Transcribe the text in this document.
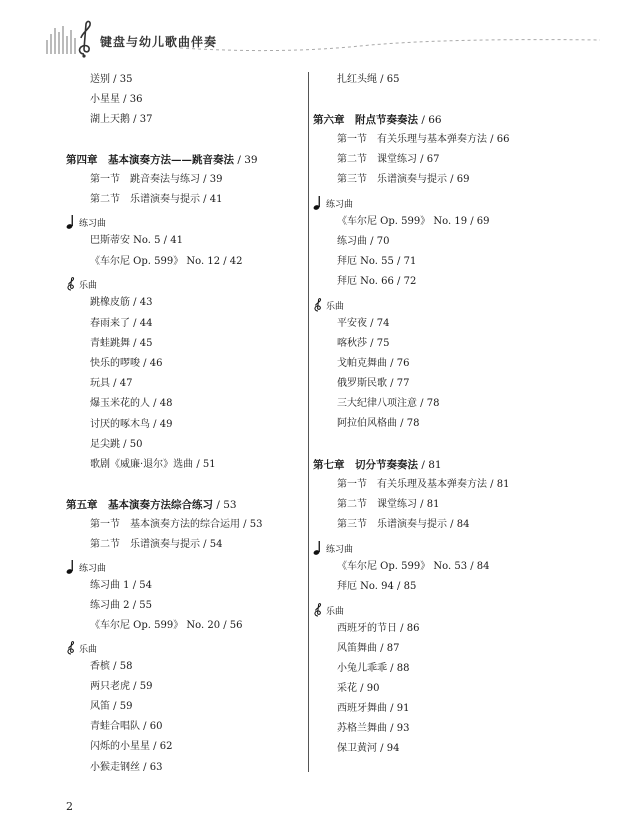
键盘与幼儿歌曲伴奏
送别 / 35
小星星 / 36
湖上天鹅 / 37
第四章　基本演奏方法——跳音奏法 / 39
第一节　跳音奏法与练习 / 39
第二节　乐谱演奏与提示 / 41
练习曲
巴斯蒂安 No. 5 / 41
《车尔尼 Op. 599》 No. 12 / 42
乐曲
跳橡皮筋 / 43
春雨来了 / 44
青蛙跳舞 / 45
快乐的啰唆 / 46
玩具 / 47
爆玉米花的人 / 48
讨厌的啄木鸟 / 49
足尖跳 / 50
歌剧《威廉·退尔》选曲 / 51
第五章　基本演奏方法综合练习 / 53
第一节　基本演奏方法的综合运用 / 53
第二节　乐谱演奏与提示 / 54
练习曲
练习曲 1 / 54
练习曲 2 / 55
《车尔尼 Op. 599》 No. 20 / 56
乐曲
香槟 / 58
两只老虎 / 59
风笛 / 59
青蛙合唱队 / 60
闪烁的小星星 / 62
小猴走钢丝 / 63
扎红头绳 / 65
第六章　附点节奏奏法 / 66
第一节　有关乐理与基本弹奏方法 / 66
第二节　课堂练习 / 67
第三节　乐谱演奏与提示 / 69
练习曲
《车尔尼 Op. 599》 No. 19 / 69
练习曲 / 70
拜厄 No. 55 / 71
拜厄 No. 66 / 72
乐曲
平安夜 / 74
喀秋莎 / 75
戈帕克舞曲 / 76
俄罗斯民歌 / 77
三大纪律八项注意 / 78
阿拉伯风格曲 / 78
第七章　切分节奏奏法 / 81
第一节　有关乐理及基本弹奏方法 / 81
第二节　课堂练习 / 81
第三节　乐谱演奏与提示 / 84
练习曲
《车尔尼 Op. 599》 No. 53 / 84
拜厄 No. 94 / 85
乐曲
西班牙的节日 / 86
风笛舞曲 / 87
小兔儿乖乖 / 88
采花 / 90
西班牙舞曲 / 91
苏格兰舞曲 / 93
保卫黄河 / 94
2
